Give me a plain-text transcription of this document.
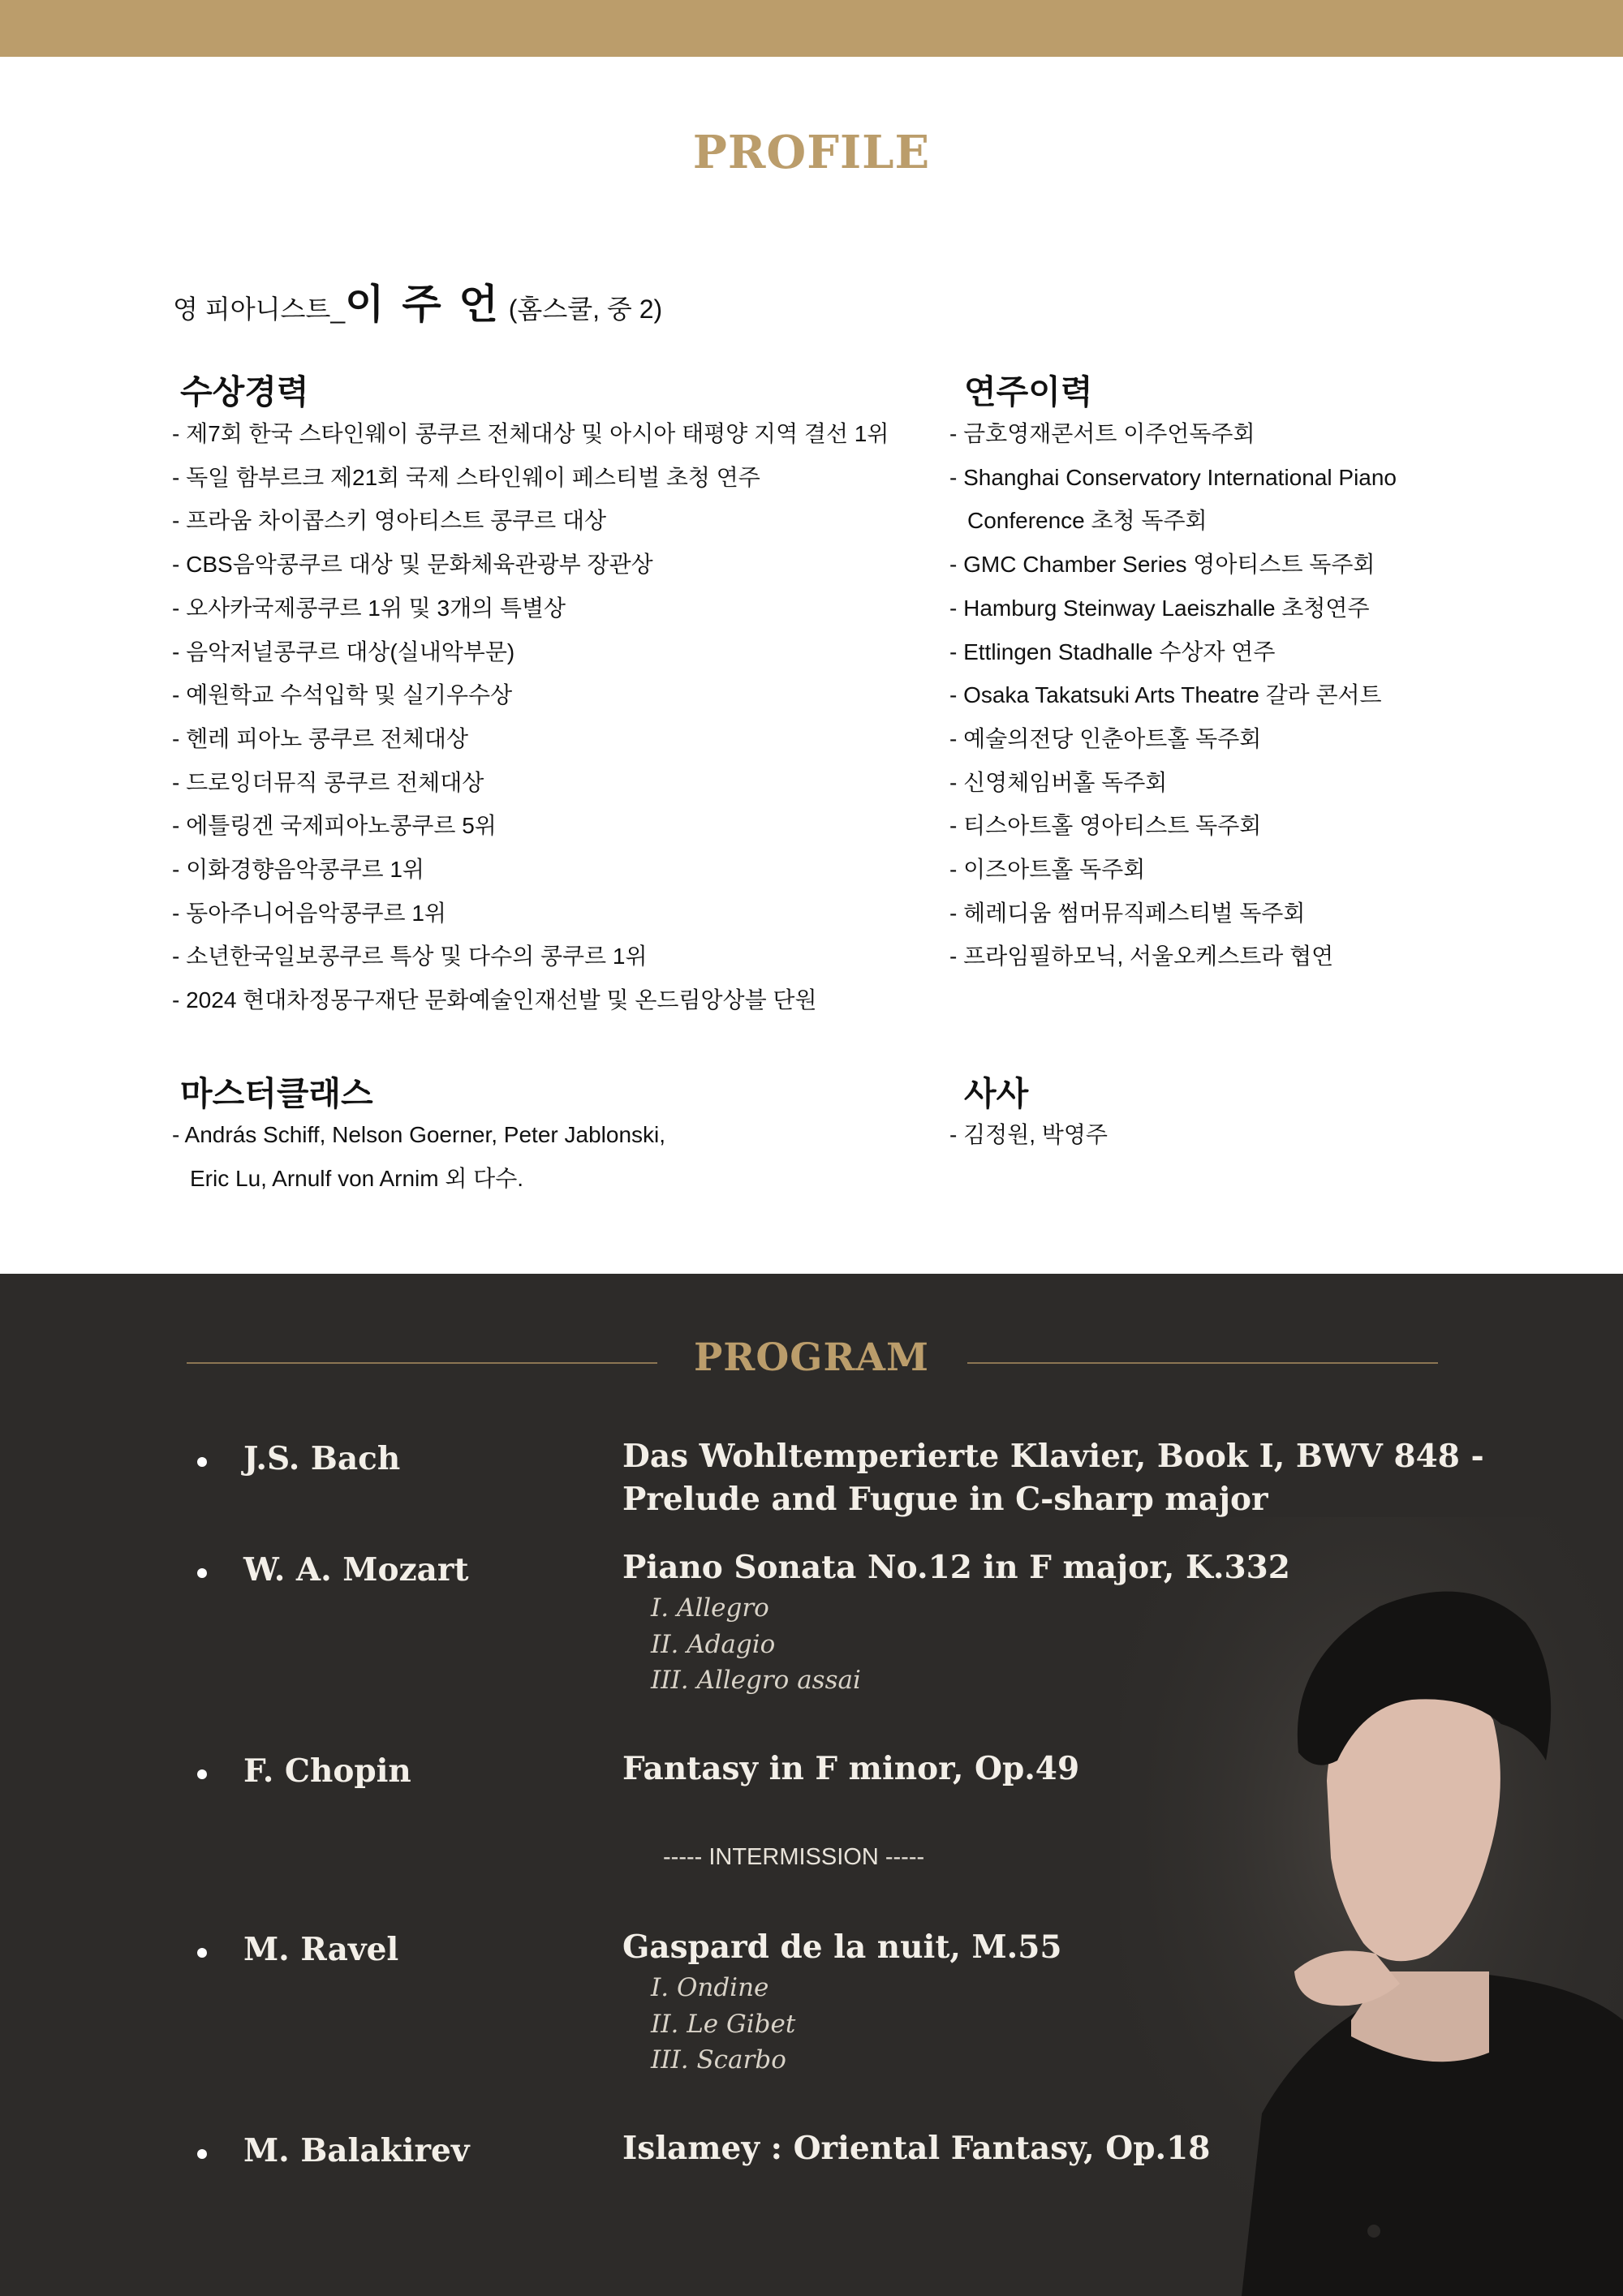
PROFILE
영 피아니스트_이 주 언 (홈스쿨, 중 2)
수상경력
- 제7회 한국 스타인웨이 콩쿠르 전체대상 및 아시아 태평양 지역 결선 1위
- 독일 함부르크 제21회 국제 스타인웨이 페스티벌 초청 연주
- 프라움 차이콥스키 영아티스트 콩쿠르 대상
- CBS음악콩쿠르 대상 및 문화체육관광부 장관상
- 오사카국제콩쿠르 1위 및 3개의 특별상
- 음악저널콩쿠르 대상(실내악부문)
- 예원학교 수석입학 및 실기우수상
- 헨레 피아노 콩쿠르 전체대상
- 드로잉더뮤직 콩쿠르 전체대상
- 에틀링겐 국제피아노콩쿠르 5위
- 이화경향음악콩쿠르 1위
- 동아주니어음악콩쿠르 1위
- 소년한국일보콩쿠르 특상 및 다수의 콩쿠르 1위
- 2024 현대차정몽구재단 문화예술인재선발 및 온드림앙상블 단원
연주이력
- 금호영재콘서트 이주언독주회
- Shanghai Conservatory International Piano
Conference 초청 독주회
- GMC Chamber Series 영아티스트 독주회
- Hamburg Steinway Laeiszhalle 초청연주
- Ettlingen Stadhalle 수상자 연주
- Osaka Takatsuki Arts Theatre 갈라 콘서트
- 예술의전당 인춘아트홀 독주회
- 신영체임버홀 독주회
- 티스아트홀 영아티스트 독주회
- 이즈아트홀 독주회
- 헤레디움 썸머뮤직페스티벌 독주회
- 프라임필하모닉, 서울오케스트라 협연
마스터클래스
- András Schiff, Nelson Goerner, Peter Jablonski,
Eric Lu, Arnulf von Arnim 외 다수.
사사
- 김정원, 박영주
PROGRAM
J.S. Bach	Das Wohltemperierte Klavier, Book I, BWV 848 -
Prelude and Fugue in C-sharp major
W. A. Mozart	Piano Sonata No.12 in F major, K.332
I. Allegro
II. Adagio
III. Allegro assai
F. Chopin	Fantasy in F minor, Op.49
----- INTERMISSION -----
M. Ravel	Gaspard de la nuit, M.55
I. Ondine
II. Le Gibet
III. Scarbo
M. Balakirev	Islamey : Oriental Fantasy, Op.18
